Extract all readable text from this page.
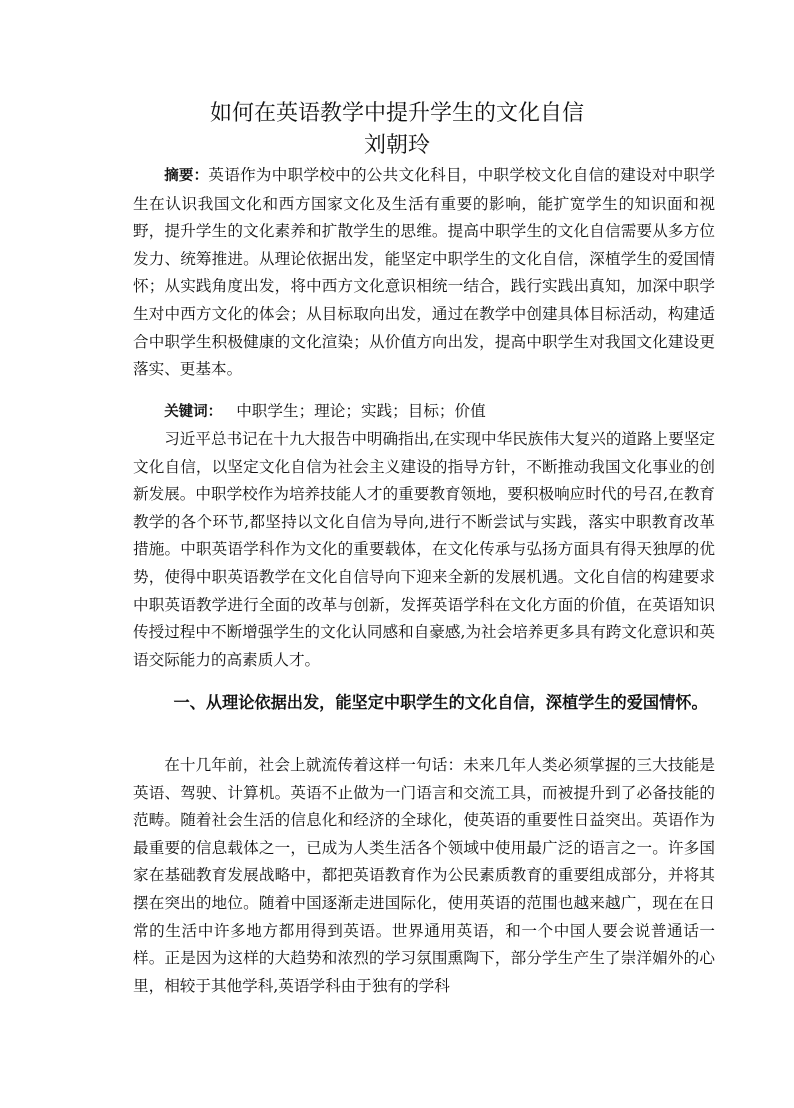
如何在英语教学中提升学生的文化自信
刘朝玲

摘要：英语作为中职学校中的公共文化科目，中职学校文化自信的建设对中职学生在认识我国文化和西方国家文化及生活有重要的影响，能扩宽学生的知识面和视野，提升学生的文化素养和扩散学生的思维。提高中职学生的文化自信需要从多方位发力、统筹推进。从理论依据出发，能坚定中职学生的文化自信，深植学生的爱国情怀；从实践角度出发，将中西方文化意识相统一结合，践行实践出真知，加深中职学生对中西方文化的体会；从目标取向出发，通过在教学中创建具体目标活动，构建适合中职学生积极健康的文化渲染；从价值方向出发，提高中职学生对我国文化建设更落实、更基本。

关键词： 中职学生；理论；实践；目标；价值

习近平总书记在十九大报告中明确指出,在实现中华民族伟大复兴的道路上要坚定文化自信，以坚定文化自信为社会主义建设的指导方针，不断推动我国文化事业的创新发展。中职学校作为培养技能人才的重要教育领地，要积极响应时代的号召,在教育教学的各个环节,都坚持以文化自信为导向,进行不断尝试与实践，落实中职教育改革措施。中职英语学科作为文化的重要载体，在文化传承与弘扬方面具有得天独厚的优势，使得中职英语教学在文化自信导向下迎来全新的发展机遇。文化自信的构建要求中职英语教学进行全面的改革与创新，发挥英语学科在文化方面的价值，在英语知识传授过程中不断增强学生的文化认同感和自豪感,为社会培养更多具有跨文化意识和英语交际能力的高素质人才。

一、从理论依据出发，能坚定中职学生的文化自信，深植学生的爱国情怀。

在十几年前，社会上就流传着这样一句话：未来几年人类必须掌握的三大技能是英语、驾驶、计算机。英语不止做为一门语言和交流工具，而被提升到了必备技能的范畴。随着社会生活的信息化和经济的全球化，使英语的重要性日益突出。英语作为最重要的信息载体之一，已成为人类生活各个领域中使用最广泛的语言之一。许多国家在基础教育发展战略中，都把英语教育作为公民素质教育的重要组成部分，并将其摆在突出的地位。随着中国逐渐走进国际化，使用英语的范围也越来越广，现在在日常的生活中许多地方都用得到英语。世界通用英语，和一个中国人要会说普通话一样。正是因为这样的大趋势和浓烈的学习氛围熏陶下，部分学生产生了崇洋媚外的心里，相较于其他学科,英语学科由于独有的学科
